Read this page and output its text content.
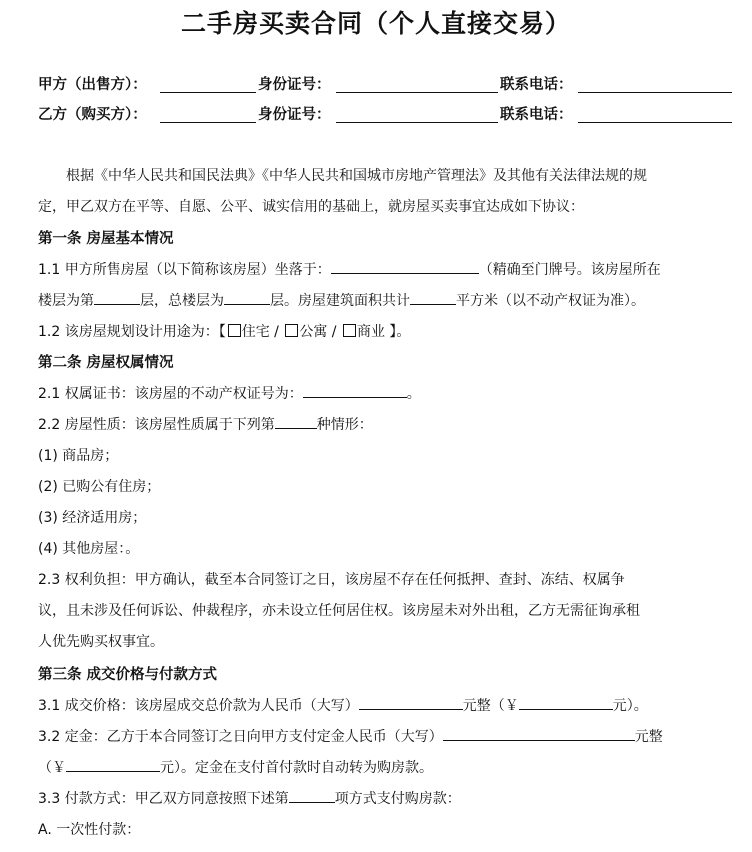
二手房买卖合同（个人直接交易）
甲方（出售方）：	身份证号：	联系电话：
乙方（购买方）：	身份证号：	联系电话：
根据《中华人民共和国民法典》《中华人民共和国城市房地产管理法》及其他有关法律法规的规
定，甲乙双方在平等、自愿、公平、诚实信用的基础上，就房屋买卖事宜达成如下协议：
第一条 房屋基本情况
1.1 甲方所售房屋（以下简称该房屋）坐落于：	（精确至门牌号。该房屋所在
楼层为第	层，总楼层为	层。房屋建筑面积共计	平方米（以不动产权证为准）。
1.2 该房屋规划设计用途为：【 住宅 / 公寓 / 商业 】。
第二条 房屋权属情况
2.1 权属证书：该房屋的不动产权证号为：	。
2.2 房屋性质：该房屋性质属于下列第	种情形：
(1) 商品房；
(2) 已购公有住房；
(3) 经济适用房；
(4) 其他房屋：。
2.3 权利负担：甲方确认，截至本合同签订之日，该房屋不存在任何抵押、查封、冻结、权属争
议，且未涉及任何诉讼、仲裁程序，亦未设立任何居住权。该房屋未对外出租，乙方无需征询承租
人优先购买权事宜。
第三条 成交价格与付款方式
3.1 成交价格：该房屋成交总价款为人民币（大写）	元整（￥	元）。
3.2 定金：乙方于本合同签订之日向甲方支付定金人民币（大写）	元整
（￥	元）。定金在支付首付款时自动转为购房款。
3.3 付款方式：甲乙双方同意按照下述第	项方式支付购房款：
A. 一次性付款：
